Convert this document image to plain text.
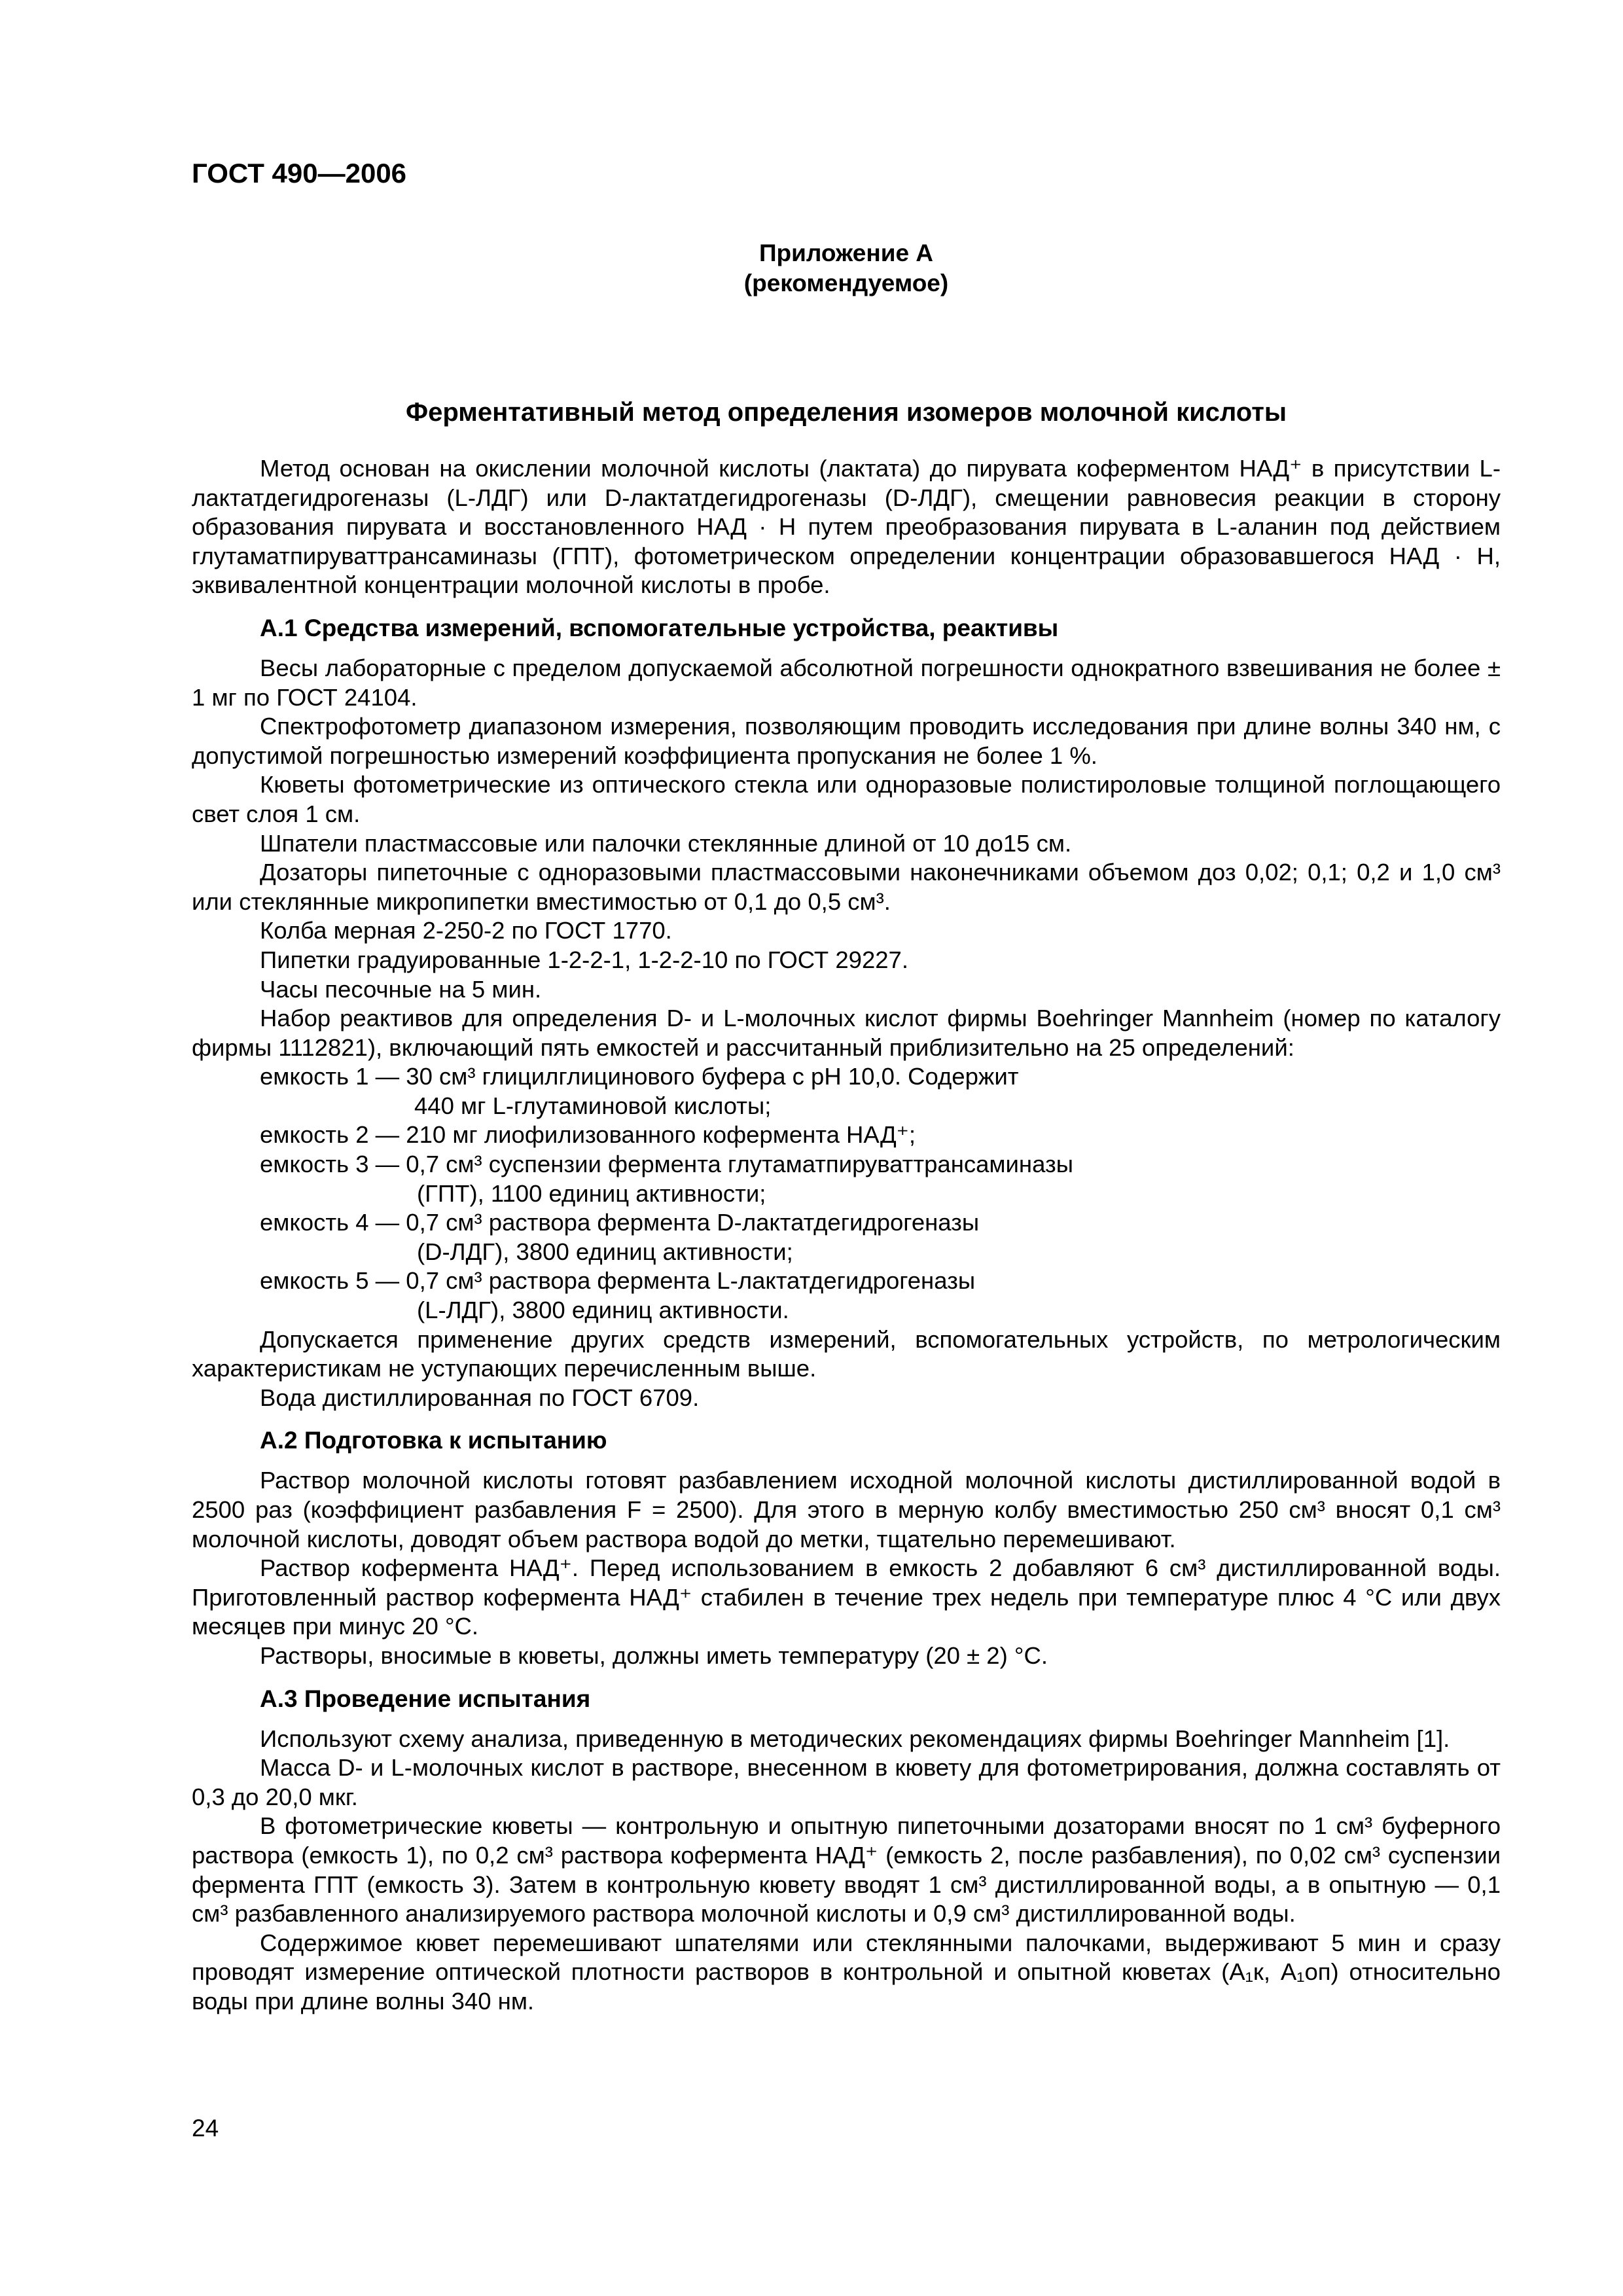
ГОСТ 490—2006
Приложение А
(рекомендуемое)
Ферментативный метод определения изомеров молочной кислоты

Метод основан на окислении молочной кислоты (лактата) до пирувата коферментом НАД⁺ в присутствии L-лактатдегидрогеназы (L-ЛДГ) или D-лактатдегидрогеназы (D-ЛДГ), смещении равновесия реакции в сторону образования пирувата и восстановленного НАД · Н путем преобразования пирувата в L-аланин под действием глутаматпируваттрансаминазы (ГПТ), фотометрическом определении концентрации образовавшегося НАД · Н, эквивалентной концентрации молочной кислоты в пробе.

А.1 Средства измерений, вспомогательные устройства, реактивы

Весы лабораторные с пределом допускаемой абсолютной погрешности однократного взвешивания не более ± 1 мг по ГОСТ 24104.

Спектрофотометр диапазоном измерения, позволяющим проводить исследования при длине волны 340 нм, с допустимой погрешностью измерений коэффициента пропускания не более 1 %.

Кюветы фотометрические из оптического стекла или одноразовые полистироловые толщиной поглощающего свет слоя 1 см.

Шпатели пластмассовые или палочки стеклянные длиной от 10 до15 см.

Дозаторы пипеточные с одноразовыми пластмассовыми наконечниками объемом доз 0,02; 0,1; 0,2 и 1,0 см³ или стеклянные микропипетки вместимостью от 0,1 до 0,5 см³.

Колба мерная 2-250-2 по ГОСТ 1770.

Пипетки градуированные 1-2-2-1, 1-2-2-10 по ГОСТ 29227.

Часы песочные на 5 мин.

Набор реактивов для определения D- и L-молочных кислот фирмы Boehringer Mannheim (номер по каталогу фирмы 1112821), включающий пять емкостей и рассчитанный приблизительно на 25 определений:

емкость 1 — 30 см³ глицилглицинового буфера с pH 10,0. Содержит
440 мг L-глутаминовой кислоты;
емкость 2 — 210 мг лиофилизованного кофермента НАД⁺;
емкость 3 — 0,7 см³ суспензии фермента глутаматпируваттрансаминазы
(ГПТ), 1100 единиц активности;
емкость 4 — 0,7 см³ раствора фермента D-лактатдегидрогеназы
(D-ЛДГ), 3800 единиц активности;
емкость 5 — 0,7 см³ раствора фермента L-лактатдегидрогеназы
(L-ЛДГ), 3800 единиц активности.

Допускается применение других средств измерений, вспомогательных устройств, по метрологическим характеристикам не уступающих перечисленным выше.

Вода дистиллированная по ГОСТ 6709.

А.2 Подготовка к испытанию

Раствор молочной кислоты готовят разбавлением исходной молочной кислоты дистиллированной водой в 2500 раз (коэффициент разбавления F = 2500). Для этого в мерную колбу вместимостью 250 см³ вносят 0,1 см³ молочной кислоты, доводят объем раствора водой до метки, тщательно перемешивают.

Раствор кофермента НАД⁺. Перед использованием в емкость 2 добавляют 6 см³ дистиллированной воды. Приготовленный раствор кофермента НАД⁺ стабилен в течение трех недель при температуре плюс 4 °С или двух месяцев при минус 20 °С.

Растворы, вносимые в кюветы, должны иметь температуру (20 ± 2) °С.

А.3 Проведение испытания

Используют схему анализа, приведенную в методических рекомендациях фирмы Boehringer Mannheim [1].

Масса D- и L-молочных кислот в растворе, внесенном в кювету для фотометрирования, должна составлять от 0,3 до 20,0 мкг.

В фотометрические кюветы — контрольную и опытную пипеточными дозаторами вносят по 1 см³ буферного раствора (емкость 1), по 0,2 см³ раствора кофермента НАД⁺ (емкость 2, после разбавления), по 0,02 см³ суспензии фермента ГПТ (емкость 3). Затем в контрольную кювету вводят 1 см³ дистиллированной воды, а в опытную — 0,1 см³ разбавленного анализируемого раствора молочной кислоты и 0,9 см³ дистиллированной воды.

Содержимое кювет перемешивают шпателями или стеклянными палочками, выдерживают 5 мин и сразу проводят измерение оптической плотности растворов в контрольной и опытной кюветах (A₁к, A₁оп) относительно воды при длине волны 340 нм.

24
